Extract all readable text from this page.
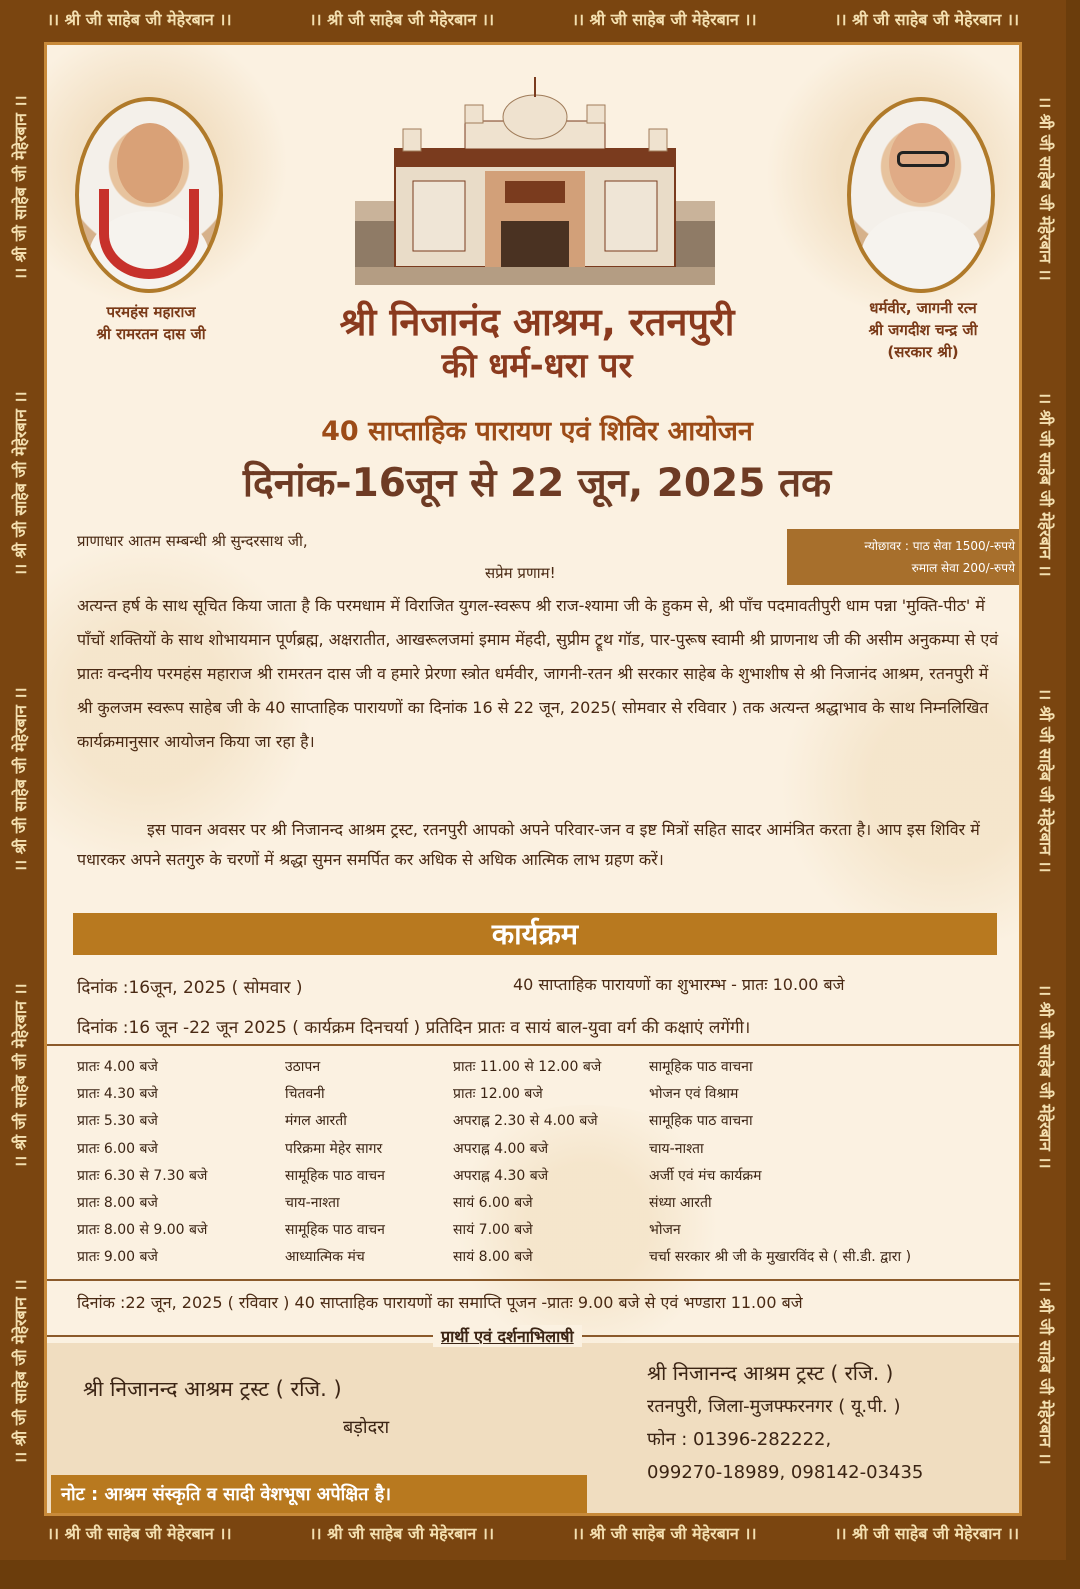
।। श्री जी साहेब जी मेहेरबान ।।	।। श्री जी साहेब जी मेहेरबान ।।	।। श्री जी साहेब जी मेहेरबान ।।	।। श्री जी साहेब जी मेहेरबान ।।
।। श्री जी साहेब जी मेहेरबान ।।	।। श्री जी साहेब जी मेहेरबान ।।	।। श्री जी साहेब जी मेहेरबान ।।	।। श्री जी साहेब जी मेहेरबान ।।
।। श्री जी साहेब जी मेहेरबान ।।
।। श्री जी साहेब जी मेहेरबान ।।
।। श्री जी साहेब जी मेहेरबान ।।
।। श्री जी साहेब जी मेहेरबान ।।
।। श्री जी साहेब जी मेहेरबान ।।	।। श्री जी साहेब जी मेहेरबान ।।
।। श्री जी साहेब जी मेहेरबान ।।
।। श्री जी साहेब जी मेहेरबान ।।
।। श्री जी साहेब जी मेहेरबान ।।
।। श्री जी साहेब जी मेहेरबान ।।
परमहंस महाराज
श्री रामरतन दास जी
धर्मवीर, जागनी रत्न
श्री जगदीश चन्द्र जी
(सरकार श्री)
श्री निजानंद आश्रम, रतनपुरी
की धर्म-धरा पर
40 साप्ताहिक पारायण एवं शिविर आयोजन
दिनांक-16जून से 22 जून, 2025 तक
प्राणाधार आतम सम्बन्धी श्री सुन्दरसाथ जी,
सप्रेम प्रणाम!
न्योछावर : पाठ सेवा 1500/-रुपये
रुमाल सेवा 200/-रुपये
अत्यन्त हर्ष के साथ सूचित किया जाता है कि परमधाम में विराजित युगल-स्वरूप श्री राज-श्यामा जी के हुकम से, श्री पाँच पदमावतीपुरी धाम पन्ना 'मुक्ति-पीठ' में पाँचों शक्तियों के साथ शोभायमान पूर्णब्रह्म, अक्षरातीत, आखरूलजमां इमाम मेंहदी, सुप्रीम ट्रूथ गॉड, पार-पुरूष स्वामी श्री प्राणनाथ जी की असीम अनुकम्पा से एवं प्रातः वन्दनीय परमहंस महाराज श्री रामरतन दास जी व हमारे प्रेरणा स्त्रोत धर्मवीर, जागनी-रतन श्री सरकार साहेब के शुभाशीष से श्री निजानंद आश्रम, रतनपुरी में श्री कुलजम स्वरूप साहेब जी के 40 साप्ताहिक पारायणों का दिनांक 16 से 22 जून, 2025( सोमवार से रविवार ) तक अत्यन्त श्रद्धाभाव के साथ निम्नलिखित कार्यक्रमानुसार आयोजन किया जा रहा है।
इस पावन अवसर पर श्री निजानन्द आश्रम ट्रस्ट, रतनपुरी आपको अपने परिवार-जन व इष्ट मित्रों सहित सादर आमंत्रित करता है। आप इस शिविर में पधारकर अपने सतगुरु के चरणों में श्रद्धा सुमन समर्पित कर अधिक से अधिक आत्मिक लाभ ग्रहण करें।
कार्यक्रम
दिनांक :16जून, 2025 ( सोमवार )	40 साप्ताहिक पारायणों का शुभारम्भ - प्रातः 10.00 बजे
दिनांक :16 जून -22 जून 2025 ( कार्यक्रम दिनचर्या ) प्रतिदिन प्रातः व सायं बाल-युवा वर्ग की कक्षाएं लगेंगी।
प्रातः 4.00 बजे	उठापन	प्रातः 11.00 से 12.00 बजे	सामूहिक पाठ वाचना
प्रातः 4.30 बजे	चितवनी	प्रातः 12.00 बजे	भोजन एवं विश्राम
प्रातः 5.30 बजे	मंगल आरती	अपराह्न 2.30 से 4.00 बजे	सामूहिक पाठ वाचना
प्रातः 6.00 बजे	परिक्रमा मेहेर सागर	अपराह्न 4.00 बजे	चाय-नाश्ता
प्रातः 6.30 से 7.30 बजे	सामूहिक पाठ वाचन	अपराह्न 4.30 बजे	अर्जी एवं मंच कार्यक्रम
प्रातः 8.00 बजे	चाय-नाश्ता	सायं 6.00 बजे	संध्या आरती
प्रातः 8.00 से 9.00 बजे	सामूहिक पाठ वाचन	सायं 7.00 बजे	भोजन
प्रातः 9.00 बजे	आध्यात्मिक मंच	सायं 8.00 बजे	चर्चा सरकार श्री जी के मुखारविंद से ( सी.डी. द्वारा )
दिनांक :22 जून, 2025 ( रविवार ) 40 साप्ताहिक पारायणों का समाप्ति पूजन -प्रातः 9.00 बजे से एवं भण्डारा 11.00 बजे
प्रार्थी एवं दर्शनाभिलाषी
श्री निजानन्द आश्रम ट्रस्ट ( रजि. )
बड़ोदरा
श्री निजानन्द आश्रम ट्रस्ट ( रजि. )
रतनपुरी, जिला-मुजफ्फरनगर ( यू.पी. )
फोन : 01396-282222,
099270-18989, 098142-03435
नोट : आश्रम संस्कृति व सादी वेशभूषा अपेक्षित है।
